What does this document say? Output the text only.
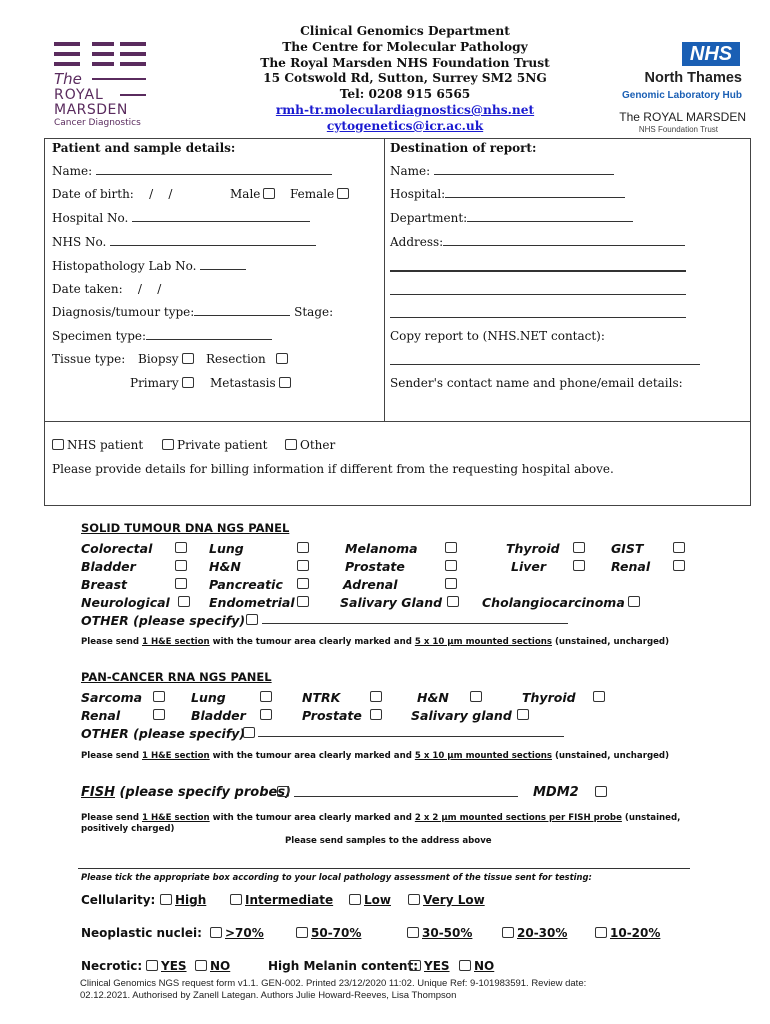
The
ROYAL
MARSDEN
Cancer Diagnostics
Clinical Genomics Department
The Centre for Molecular Pathology
The Royal Marsden NHS Foundation Trust
15 Cotswold Rd, Sutton, Surrey SM2 5NG
Tel: 0208 915 6565
rmh-tr.moleculardiagnostics@nhs.net
cytogenetics@icr.ac.uk
NHS
North Thames
Genomic Laboratory Hub
The ROYAL MARSDEN
NHS Foundation Trust
Patient and sample details:
Name:
Date of birth:    /    /	Male	Female
Hospital No.
NHS No.
Histopathology Lab No.
Date taken:    /    /
Diagnosis/tumour type:	Stage:
Specimen type:
Tissue type: Biopsy	Resection
Primary	Metastasis
Destination of report:
Name:
Hospital:
Department:
Address:
Copy report to (NHS.NET contact):
Sender's contact name and phone/email details:
NHS patient	Private patient	Other
Please provide details for billing information if different from the requesting hospital above.
SOLID TUMOUR DNA NGS PANEL
Colorectal	Lung	Melanoma	Thyroid	GIST
Bladder	H&N	Prostate	Liver	Renal
Breast	Pancreatic	Adrenal
Neurological	Endometrial	Salivary Gland	Cholangiocarcinoma
OTHER (please specify)
Please send 1 H&E section with the tumour area clearly marked and 5 x 10 µm mounted sections (unstained, uncharged)
PAN-CANCER RNA NGS PANEL
Sarcoma	Lung	NTRK	H&N	Thyroid
Renal	Bladder	Prostate	Salivary gland
OTHER (please specify)
Please send 1 H&E section with the tumour area clearly marked and 5 x 10 µm mounted sections (unstained, uncharged)
FISH (please specify probes)	MDM2
Please send 1 H&E section with the tumour area clearly marked and 2 x 2 µm mounted sections per FISH probe (unstained,
positively charged)
Please send samples to the address above
Please tick the appropriate box according to your local pathology assessment of the tissue sent for testing:
Cellularity:	High	Intermediate	Low	Very Low
Neoplastic nuclei:	>70%	50-70%	30-50%	20-30%	10-20%
Necrotic:	YES	NO	High Melanin content: YES	NO
Clinical Genomics NGS request form v1.1. GEN-002. Printed 23/12/2020 11:02. Unique Ref: 9-101983591. Review date:
02.12.2021. Authorised by Zanell Lategan. Authors Julie Howard-Reeves, Lisa Thompson
